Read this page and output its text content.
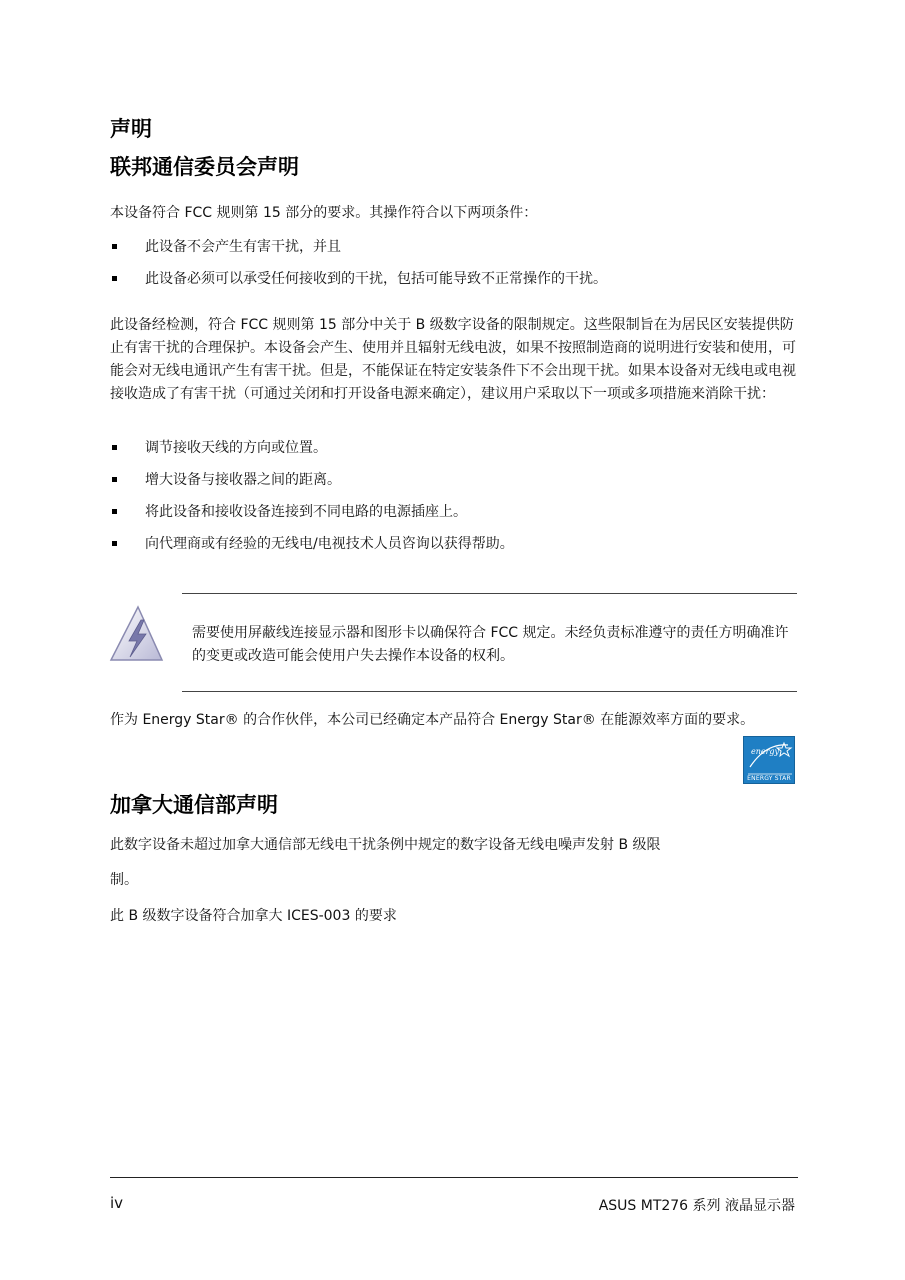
声明
联邦通信委员会声明
本设备符合 FCC 规则第 15 部分的要求。其操作符合以下两项条件：
此设备不会产生有害干扰，并且
此设备必须可以承受任何接收到的干扰，包括可能导致不正常操作的干扰。
此设备经检测，符合 FCC 规则第 15 部分中关于 B 级数字设备的限制规定。这些限制旨在为居民区安装提供防止有害干扰的合理保护。本设备会产生、使用并且辐射无线电波，如果不按照制造商的说明进行安装和使用，可能会对无线电通讯产生有害干扰。但是，不能保证在特定安装条件下不会出现干扰。如果本设备对无线电或电视接收造成了有害干扰（可通过关闭和打开设备电源来确定），建议用户采取以下一项或多项措施来消除干扰：
调节接收天线的方向或位置。
增大设备与接收器之间的距离。
将此设备和接收设备连接到不同电路的电源插座上。
向代理商或有经验的无线电/电视技术人员咨询以获得帮助。
需要使用屏蔽线连接显示器和图形卡以确保符合 FCC 规定。未经负责标准遵守的责任方明确准许的变更或改造可能会使用户失去操作本设备的权利。
作为 Energy Star® 的合作伙伴，本公司已经确定本产品符合 Energy Star® 在能源效率方面的要求。
energy
ENERGY STAR
加拿大通信部声明
此数字设备未超过加拿大通信部无线电干扰条例中规定的数字设备无线电噪声发射 B 级限
制。
此 B 级数字设备符合加拿大 ICES-003 的要求
iv	ASUS MT276 系列 液晶显示器
